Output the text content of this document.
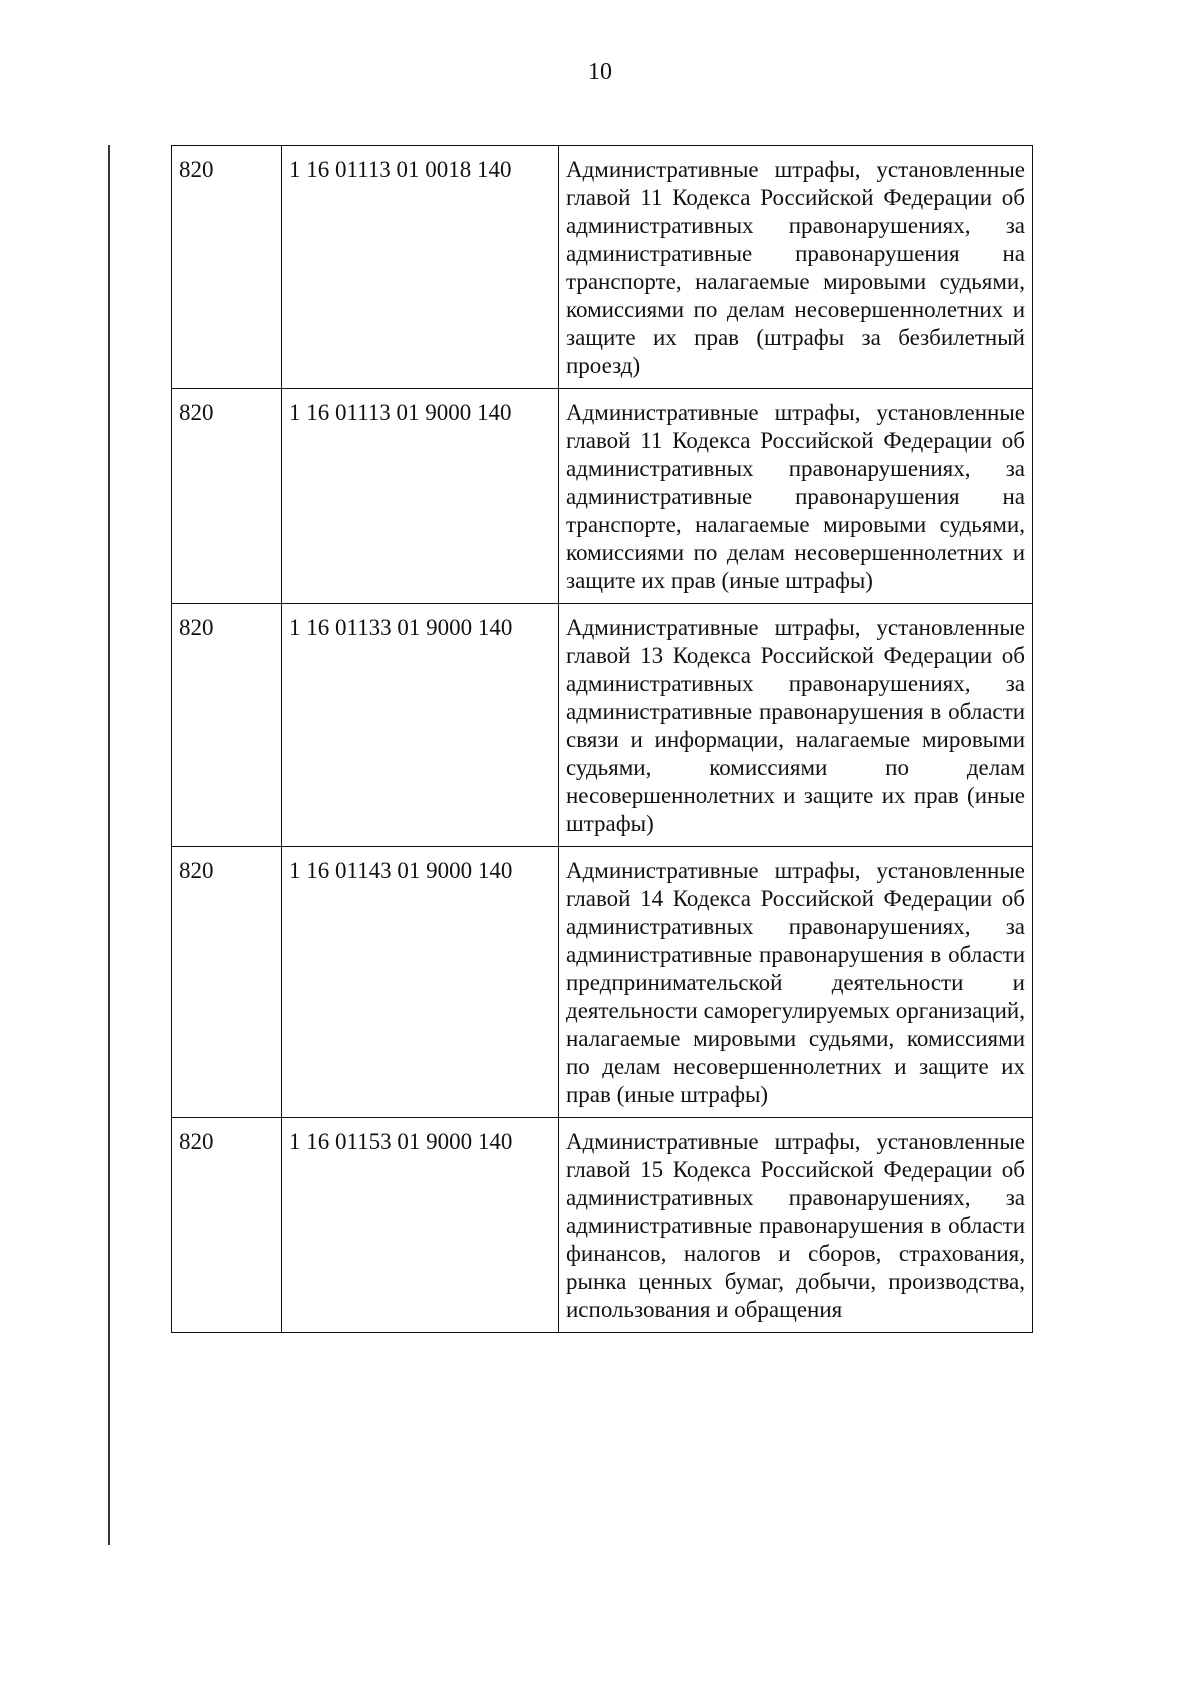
10
820	1 16 01113 01 0018 140	Административные штрафы, установленные главой 11 Кодекса Российской Федерации об административных правонарушениях, за административные правонарушения на транспорте, налагаемые мировыми судьями, комиссиями по делам несовершеннолетних и защите их прав (штрафы за безбилетный проезд)
820	1 16 01113 01 9000 140	Административные штрафы, установленные главой 11 Кодекса Российской Федерации об административных правонарушениях, за административные правонарушения на транспорте, налагаемые мировыми судьями, комиссиями по делам несовершеннолетних и защите их прав (иные штрафы)
820	1 16 01133 01 9000 140	Административные штрафы, установленные главой 13 Кодекса Российской Федерации об административных правонарушениях, за административные правонарушения в области связи и информации, налагаемые мировыми судьями, комиссиями по делам несовершеннолетних и защите их прав (иные штрафы)
820	1 16 01143 01 9000 140	Административные штрафы, установленные главой 14 Кодекса Российской Федерации об административных правонарушениях, за административные правонарушения в области предпринимательской деятельности и деятельности саморегулируемых организаций, налагаемые мировыми судьями, комиссиями по делам несовершеннолетних и защите их прав (иные штрафы)
820	1 16 01153 01 9000 140	Административные штрафы, установленные главой 15 Кодекса Российской Федерации об административных правонарушениях, за административные правонарушения в области финансов, налогов и сборов, страхования, рынка ценных бумаг, добычи, производства, использования и обращения
